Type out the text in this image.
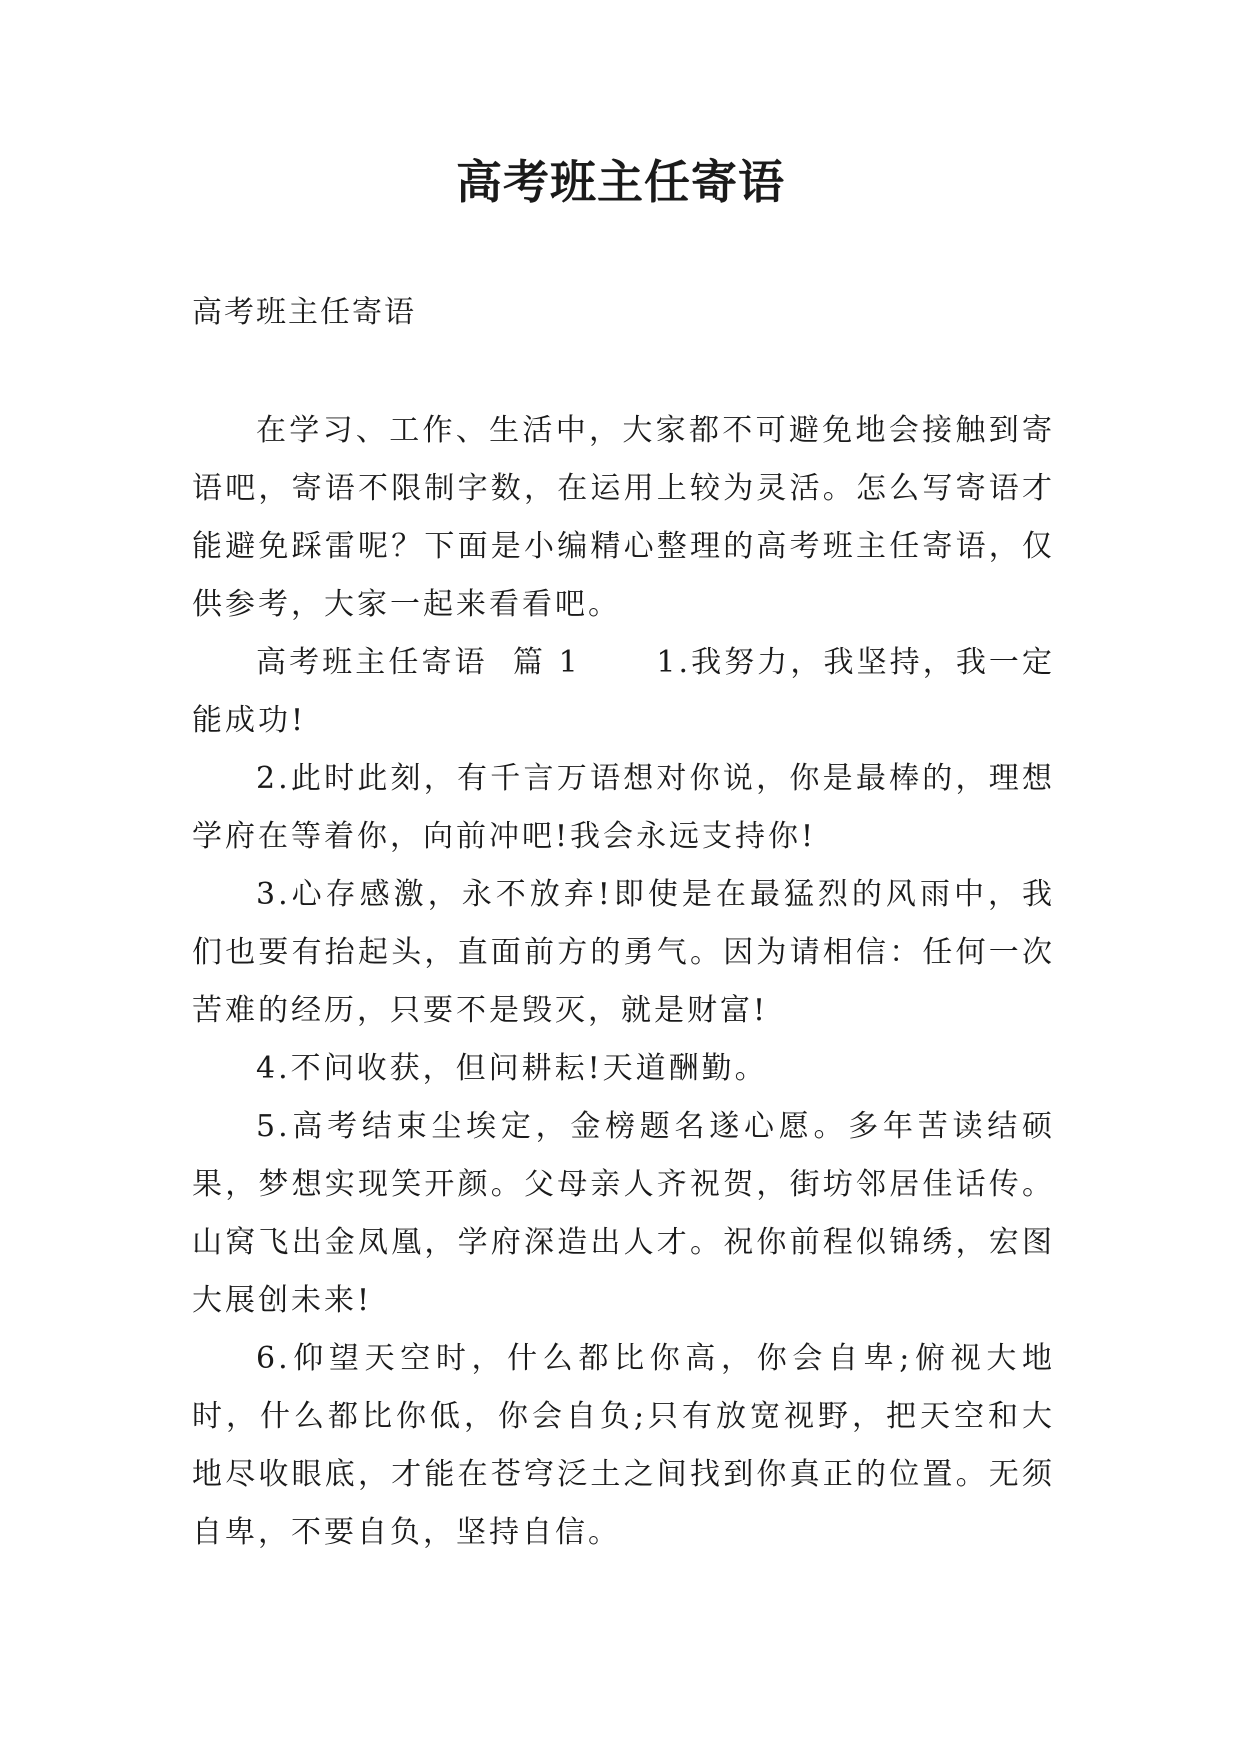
高考班主任寄语
高考班主任寄语

在学习、工作、生活中，大家都不可避免地会接触到寄语吧，寄语不限制字数，在运用上较为灵活。怎么写寄语才能避免踩雷呢？下面是小编精心整理的高考班主任寄语，仅供参考，大家一起来看看吧。

高考班主任寄语  篇 1	1.我努力，我坚持，我一定能成功!

2.此时此刻，有千言万语想对你说，你是最棒的，理想学府在等着你，向前冲吧!我会永远支持你!

3.心存感激，永不放弃!即使是在最猛烈的风雨中，我们也要有抬起头，直面前方的勇气。因为请相信：任何一次苦难的经历，只要不是毁灭，就是财富!

4.不问收获，但问耕耘!天道酬勤。

5.高考结束尘埃定，金榜题名遂心愿。多年苦读结硕果，梦想实现笑开颜。父母亲人齐祝贺，街坊邻居佳话传。山窝飞出金凤凰，学府深造出人才。祝你前程似锦绣，宏图大展创未来!

6.仰望天空时，什么都比你高，你会自卑;俯视大地时，什么都比你低，你会自负;只有放宽视野，把天空和大地尽收眼底，才能在苍穹泛土之间找到你真正的位置。无须自卑，不要自负，坚持自信。
